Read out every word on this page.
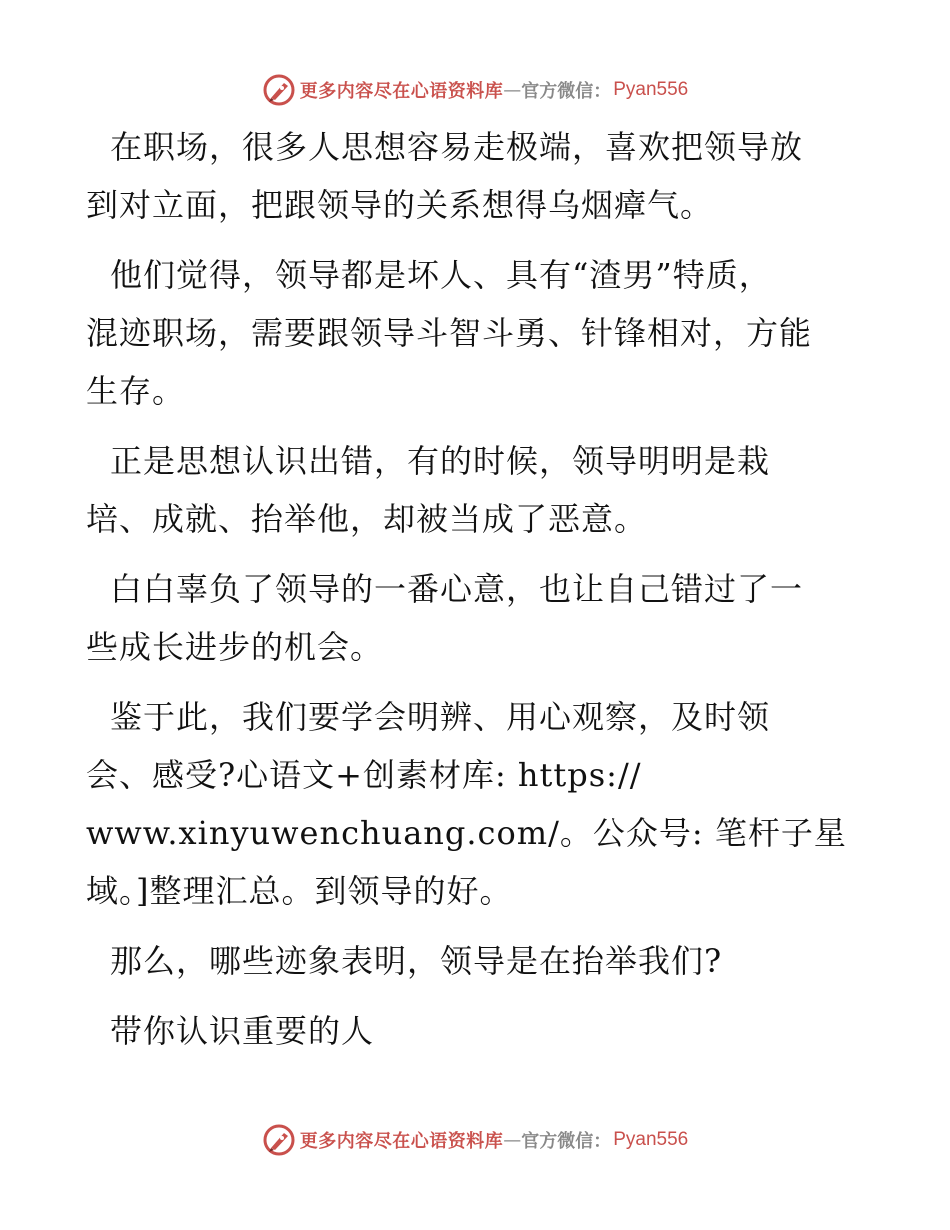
更多内容尽在心语资料库 — 官方微信： Pyan556

在职场，很多人思想容易走极端，喜欢把领导放
到对立面，把跟领导的关系想得乌烟瘴气。

他们觉得，领导都是坏人、具有“渣男”特质，
混迹职场，需要跟领导斗智斗勇、针锋相对，方能
生存。

正是思想认识出错，有的时候，领导明明是栽
培、成就、抬举他，却被当成了恶意。

白白辜负了领导的一番心意，也让自己错过了一
些成长进步的机会。

鉴于此，我们要学会明辨、用心观察，及时领
会、感受?心语文+创素材库: https://
www.xinyuwenchuang.com/。公众号: 笔杆子星
域。]整理汇总。到领导的好。

那么，哪些迹象表明，领导是在抬举我们?

带你认识重要的人

更多内容尽在心语资料库 — 官方微信： Pyan556
